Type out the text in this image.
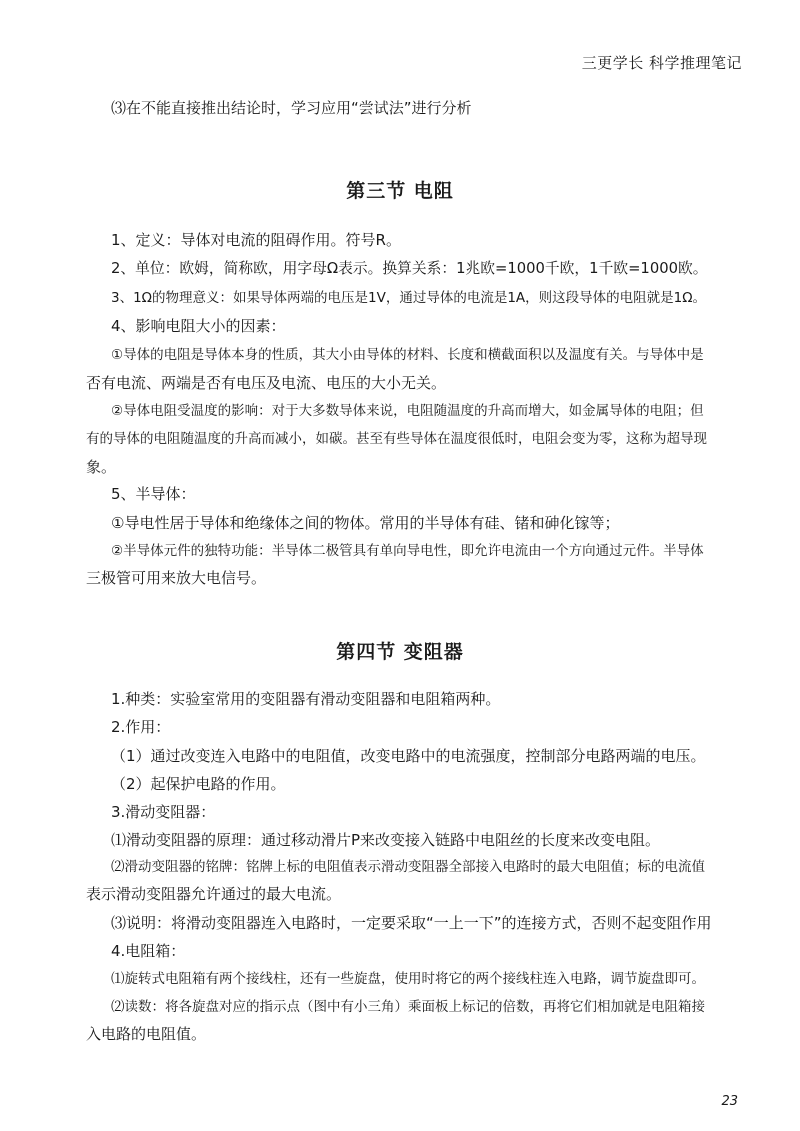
三更学长 科学推理笔记
⑶在不能直接推出结论时，学习应用“尝试法”进行分析
第三节 电阻
1、定义：导体对电流的阻碍作用。符号R。
2、单位：欧姆，简称欧，用字母Ω表示。换算关系：1兆欧=1000千欧，1千欧=1000欧。
3、1Ω的物理意义：如果导体两端的电压是1V，通过导体的电流是1A，则这段导体的电阻就是1Ω。
4、影响电阻大小的因素：
①导体的电阻是导体本身的性质，其大小由导体的材料、长度和横截面积以及温度有关。与导体中是
否有电流、两端是否有电压及电流、电压的大小无关。
②导体电阻受温度的影响：对于大多数导体来说，电阻随温度的升高而增大，如金属导体的电阻；但
有的导体的电阻随温度的升高而减小，如碳。甚至有些导体在温度很低时，电阻会变为零，这称为超导现
象。
5、半导体：
①导电性居于导体和绝缘体之间的物体。常用的半导体有硅、锗和砷化镓等；
②半导体元件的独特功能：半导体二极管具有单向导电性，即允许电流由一个方向通过元件。半导体
三极管可用来放大电信号。
第四节 变阻器
1.种类：实验室常用的变阻器有滑动变阻器和电阻箱两种。
2.作用：
（1）通过改变连入电路中的电阻值，改变电路中的电流强度，控制部分电路两端的电压。
（2）起保护电路的作用。
3.滑动变阻器：
⑴滑动变阻器的原理：通过移动滑片P来改变接入链路中电阻丝的长度来改变电阻。
⑵滑动变阻器的铭牌：铭牌上标的电阻值表示滑动变阻器全部接入电路时的最大电阻值；标的电流值
表示滑动变阻器允许通过的最大电流。
⑶说明：将滑动变阻器连入电路时，一定要采取“一上一下”的连接方式，否则不起变阻作用
4.电阻箱：
⑴旋转式电阻箱有两个接线柱，还有一些旋盘，使用时将它的两个接线柱连入电路，调节旋盘即可。
⑵读数：将各旋盘对应的指示点（图中有小三角）乘面板上标记的倍数，再将它们相加就是电阻箱接
入电路的电阻值。
23
